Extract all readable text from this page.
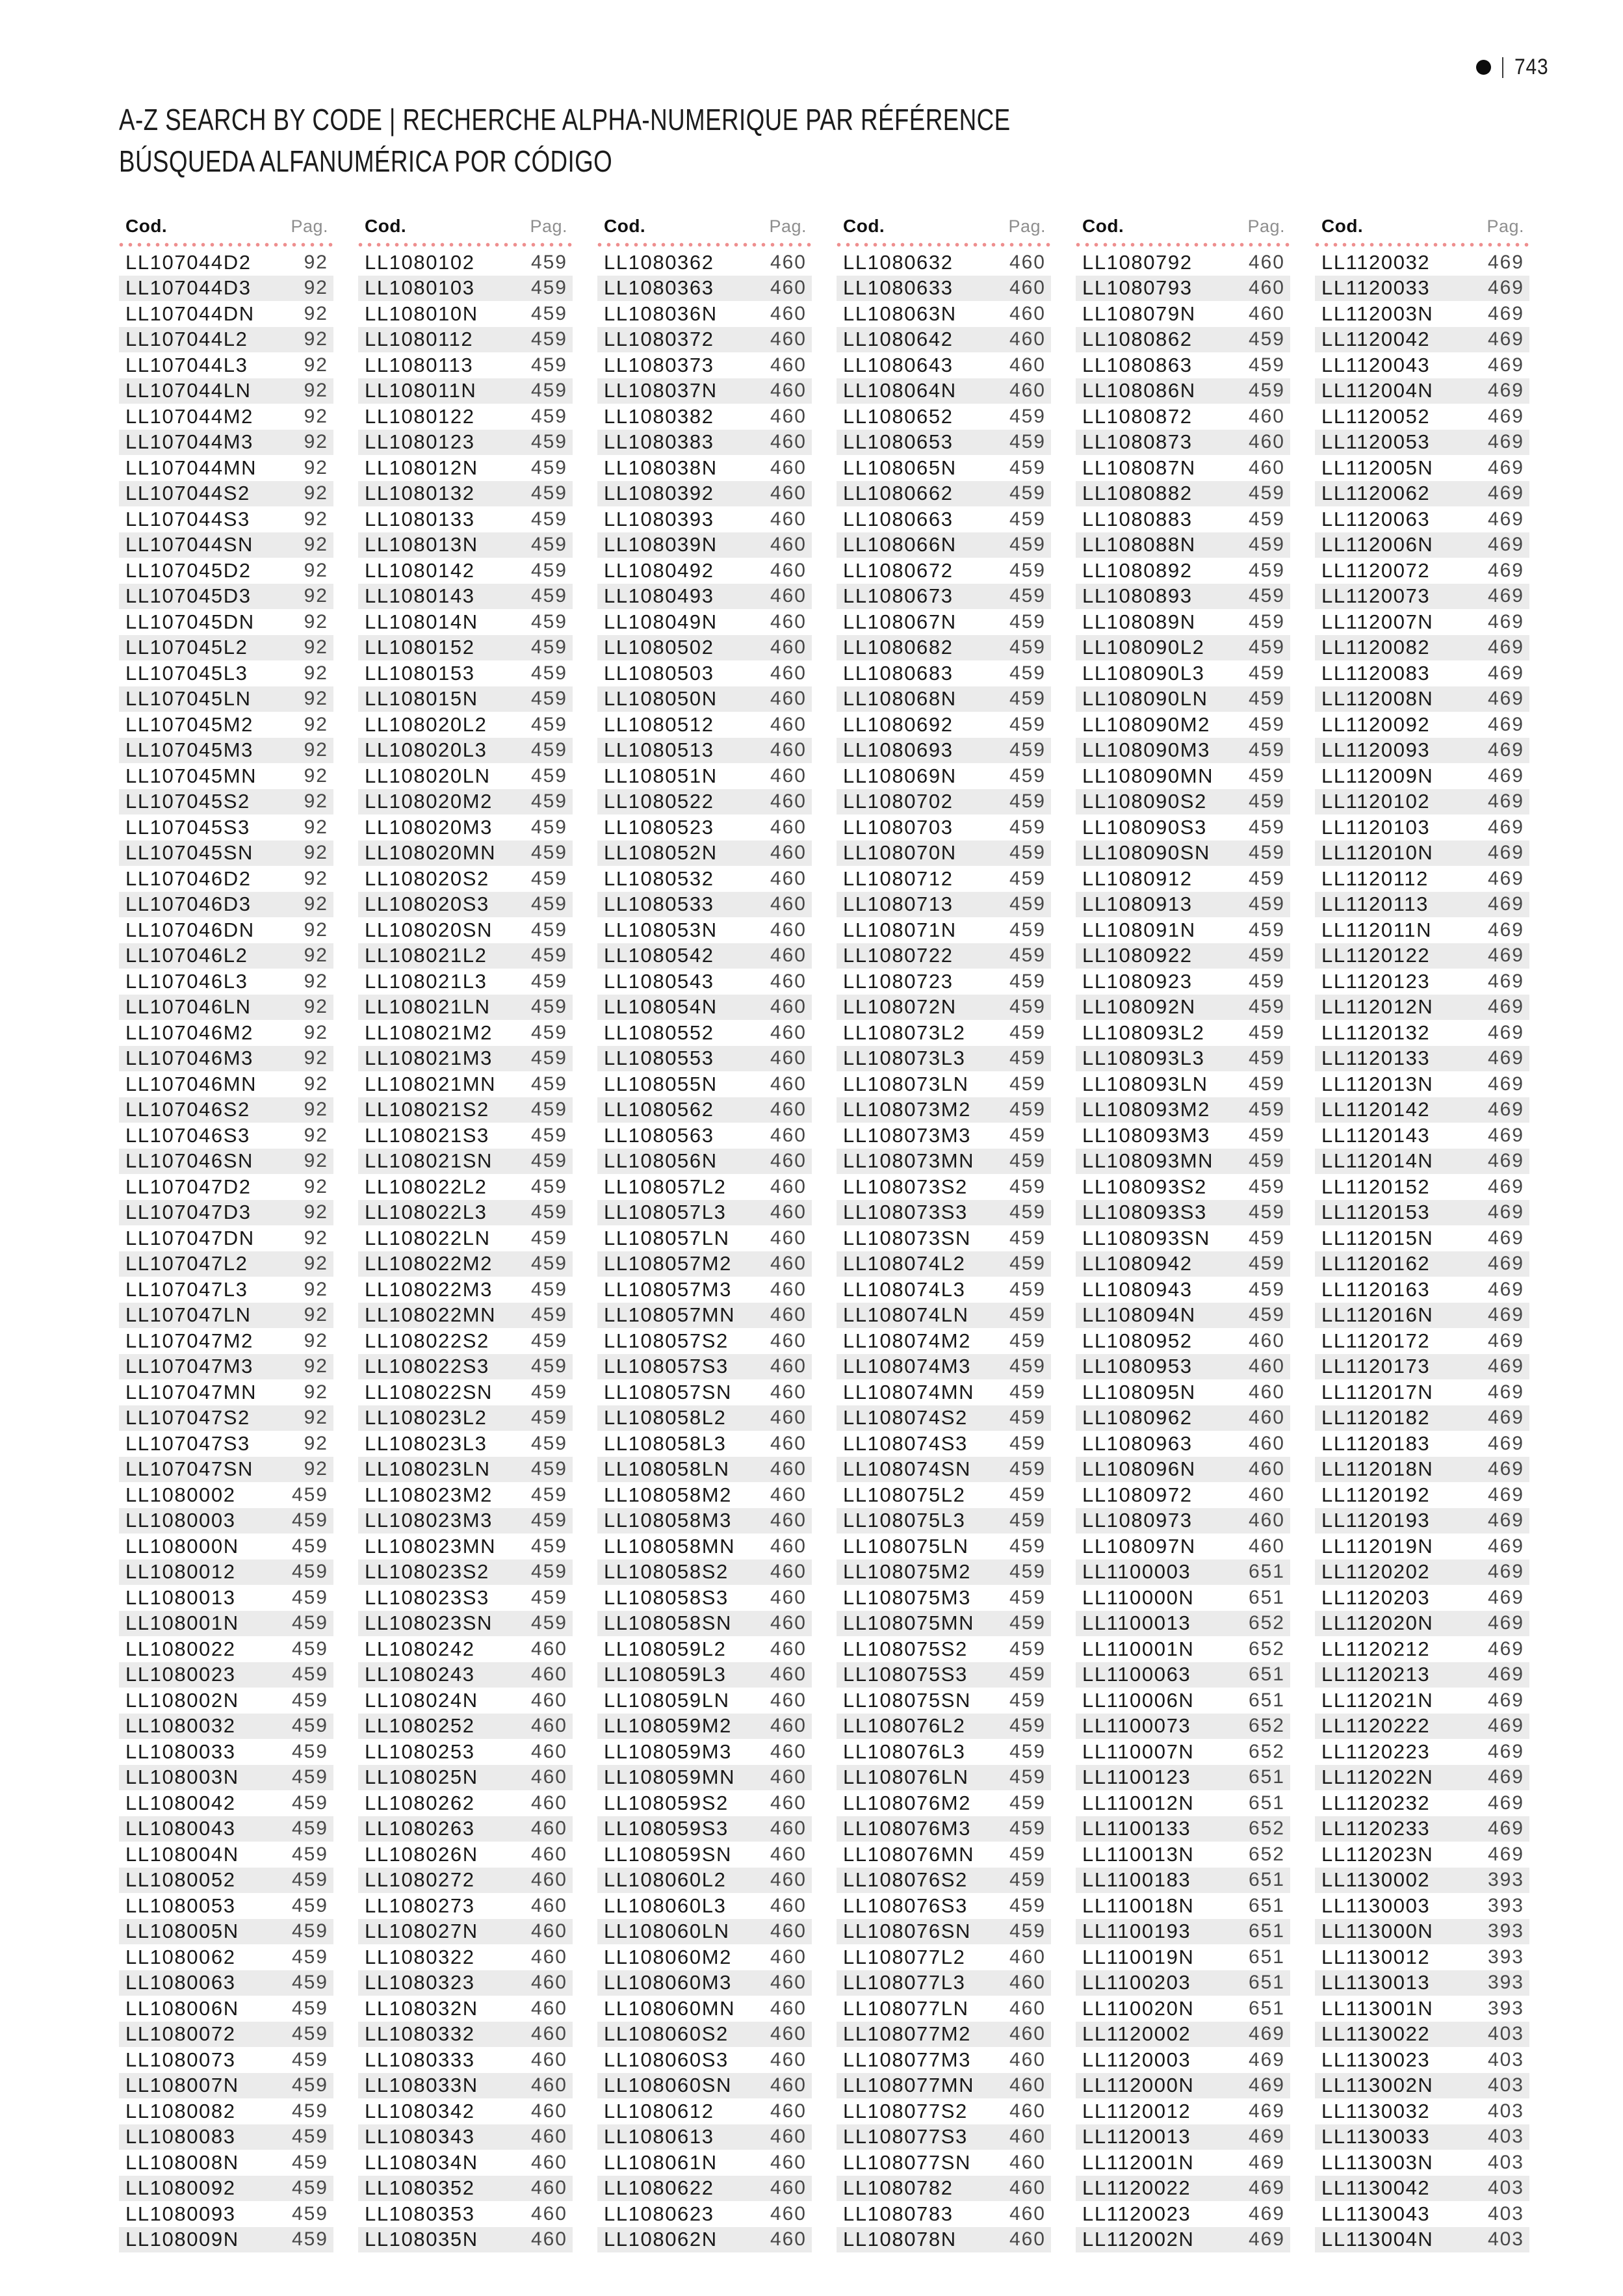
743
A-Z SEARCH BY CODE | RECHERCHE ALPHA-NUMERIQUE PAR RÉFÉRENCE
BÚSQUEDA ALFANUMÉRICA POR CÓDIGO
Cod.	Pag.
LL107044D2	92
LL107044D3	92
LL107044DN	92
LL107044L2	92
LL107044L3	92
LL107044LN	92
LL107044M2	92
LL107044M3	92
LL107044MN 92
LL107044S2	92
LL107044S3	92
LL107044SN	92
LL107045D2	92
LL107045D3	92
LL107045DN	92
LL107045L2	92
LL107045L3	92
LL107045LN	92
LL107045M2	92
LL107045M3	92
LL107045MN 92
LL107045S2	92
LL107045S3	92
LL107045SN	92
LL107046D2	92
LL107046D3	92
LL107046DN	92
LL107046L2	92
LL107046L3	92
LL107046LN	92
LL107046M2	92
LL107046M3	92
LL107046MN 92
LL107046S2	92
LL107046S3	92
LL107046SN	92
LL107047D2	92
LL107047D3	92
LL107047DN	92
LL107047L2	92
LL107047L3	92
LL107047LN	92
LL107047M2	92
LL107047M3	92
LL107047MN 92
LL107047S2	92
LL107047S3	92
LL107047SN	92
LL1080002	459
LL1080003	459
LL108000N	459
LL1080012	459
LL1080013	459
LL108001N	459
LL1080022	459
LL1080023	459
LL108002N	459
LL1080032	459
LL1080033	459
LL108003N	459
LL1080042	459
LL1080043	459
LL108004N	459
LL1080052	459
LL1080053	459
LL108005N	459
LL1080062	459
LL1080063	459
LL108006N	459
LL1080072	459
LL1080073	459
LL108007N	459
LL1080082	459
LL1080083	459
LL108008N	459
LL1080092	459
LL1080093	459
LL108009N	459
Cod.	Pag.
LL1080102	459
LL1080103	459
LL108010N	459
LL1080112	459
LL1080113	459
LL108011N	459
LL1080122	459
LL1080123	459
LL108012N	459
LL1080132	459
LL1080133	459
LL108013N	459
LL1080142	459
LL1080143	459
LL108014N	459
LL1080152	459
LL1080153	459
LL108015N	459
LL108020L2 459
LL108020L3 459
LL108020LN 459
LL108020M2 459
LL108020M3 459
LL108020MN 459
LL108020S2 459
LL108020S3 459
LL108020SN 459
LL108021L2 459
LL108021L3 459
LL108021LN 459
LL108021M2 459
LL108021M3 459
LL108021MN 459
LL108021S2 459
LL108021S3 459
LL108021SN 459
LL108022L2 459
LL108022L3 459
LL108022LN 459
LL108022M2 459
LL108022M3 459
LL108022MN 459
LL108022S2 459
LL108022S3 459
LL108022SN 459
LL108023L2 459
LL108023L3 459
LL108023LN 459
LL108023M2 459
LL108023M3 459
LL108023MN 459
LL108023S2 459
LL108023S3 459
LL108023SN 459
LL1080242	460
LL1080243	460
LL108024N	460
LL1080252	460
LL1080253	460
LL108025N	460
LL1080262	460
LL1080263	460
LL108026N	460
LL1080272	460
LL1080273	460
LL108027N	460
LL1080322	460
LL1080323	460
LL108032N	460
LL1080332	460
LL1080333	460
LL108033N	460
LL1080342	460
LL1080343	460
LL108034N	460
LL1080352	460
LL1080353	460
LL108035N	460
Cod.	Pag.
LL1080362	460
LL1080363	460
LL108036N	460
LL1080372	460
LL1080373	460
LL108037N	460
LL1080382	460
LL1080383	460
LL108038N	460
LL1080392	460
LL1080393	460
LL108039N	460
LL1080492	460
LL1080493	460
LL108049N	460
LL1080502	460
LL1080503	460
LL108050N	460
LL1080512	460
LL1080513	460
LL108051N	460
LL1080522	460
LL1080523	460
LL108052N	460
LL1080532	460
LL1080533	460
LL108053N	460
LL1080542	460
LL1080543	460
LL108054N	460
LL1080552	460
LL1080553	460
LL108055N	460
LL1080562	460
LL1080563	460
LL108056N	460
LL108057L2 460
LL108057L3 460
LL108057LN 460
LL108057M2 460
LL108057M3 460
LL108057MN 460
LL108057S2 460
LL108057S3 460
LL108057SN 460
LL108058L2 460
LL108058L3 460
LL108058LN 460
LL108058M2 460
LL108058M3 460
LL108058MN 460
LL108058S2 460
LL108058S3 460
LL108058SN 460
LL108059L2 460
LL108059L3 460
LL108059LN 460
LL108059M2 460
LL108059M3 460
LL108059MN 460
LL108059S2 460
LL108059S3 460
LL108059SN 460
LL108060L2 460
LL108060L3 460
LL108060LN 460
LL108060M2 460
LL108060M3 460
LL108060MN 460
LL108060S2 460
LL108060S3 460
LL108060SN 460
LL1080612	460
LL1080613	460
LL108061N	460
LL1080622	460
LL1080623	460
LL108062N	460
Cod.	Pag.
LL1080632	460
LL1080633	460
LL108063N	460
LL1080642	460
LL1080643	460
LL108064N	460
LL1080652	459
LL1080653	459
LL108065N	459
LL1080662	459
LL1080663	459
LL108066N	459
LL1080672	459
LL1080673	459
LL108067N	459
LL1080682	459
LL1080683	459
LL108068N	459
LL1080692	459
LL1080693	459
LL108069N	459
LL1080702	459
LL1080703	459
LL108070N	459
LL1080712	459
LL1080713	459
LL108071N	459
LL1080722	459
LL1080723	459
LL108072N	459
LL108073L2 459
LL108073L3 459
LL108073LN 459
LL108073M2 459
LL108073M3 459
LL108073MN 459
LL108073S2 459
LL108073S3 459
LL108073SN 459
LL108074L2 459
LL108074L3 459
LL108074LN 459
LL108074M2 459
LL108074M3 459
LL108074MN 459
LL108074S2 459
LL108074S3 459
LL108074SN 459
LL108075L2 459
LL108075L3 459
LL108075LN 459
LL108075M2 459
LL108075M3 459
LL108075MN 459
LL108075S2 459
LL108075S3 459
LL108075SN 459
LL108076L2 459
LL108076L3 459
LL108076LN 459
LL108076M2 459
LL108076M3 459
LL108076MN 459
LL108076S2 459
LL108076S3 459
LL108076SN 459
LL108077L2 460
LL108077L3 460
LL108077LN 460
LL108077M2 460
LL108077M3 460
LL108077MN 460
LL108077S2 460
LL108077S3 460
LL108077SN 460
LL1080782	460
LL1080783	460
LL108078N	460
Cod.	Pag.
LL1080792	460
LL1080793	460
LL108079N	460
LL1080862	459
LL1080863	459
LL108086N	459
LL1080872	460
LL1080873	460
LL108087N	460
LL1080882	459
LL1080883	459
LL108088N	459
LL1080892	459
LL1080893	459
LL108089N	459
LL108090L2 459
LL108090L3 459
LL108090LN 459
LL108090M2 459
LL108090M3 459
LL108090MN 459
LL108090S2 459
LL108090S3 459
LL108090SN 459
LL1080912	459
LL1080913	459
LL108091N	459
LL1080922	459
LL1080923	459
LL108092N	459
LL108093L2 459
LL108093L3 459
LL108093LN 459
LL108093M2 459
LL108093M3 459
LL108093MN 459
LL108093S2 459
LL108093S3 459
LL108093SN 459
LL1080942	459
LL1080943	459
LL108094N	459
LL1080952	460
LL1080953	460
LL108095N	460
LL1080962	460
LL1080963	460
LL108096N	460
LL1080972	460
LL1080973	460
LL108097N	460
LL1100003	651
LL110000N	651
LL1100013	652
LL110001N	652
LL1100063	651
LL110006N	651
LL1100073	652
LL110007N	652
LL1100123	651
LL110012N	651
LL1100133	652
LL110013N	652
LL1100183	651
LL110018N	651
LL1100193	651
LL110019N	651
LL1100203	651
LL110020N	651
LL1120002	469
LL1120003	469
LL112000N	469
LL1120012	469
LL1120013	469
LL112001N	469
LL1120022	469
LL1120023	469
LL112002N	469
Cod.	Pag.
LL1120032	469
LL1120033	469
LL112003N	469
LL1120042	469
LL1120043	469
LL112004N	469
LL1120052	469
LL1120053	469
LL112005N	469
LL1120062	469
LL1120063	469
LL112006N	469
LL1120072	469
LL1120073	469
LL112007N	469
LL1120082	469
LL1120083	469
LL112008N	469
LL1120092	469
LL1120093	469
LL112009N	469
LL1120102	469
LL1120103	469
LL112010N	469
LL1120112	469
LL1120113	469
LL112011N	469
LL1120122	469
LL1120123	469
LL112012N	469
LL1120132	469
LL1120133	469
LL112013N	469
LL1120142	469
LL1120143	469
LL112014N	469
LL1120152	469
LL1120153	469
LL112015N	469
LL1120162	469
LL1120163	469
LL112016N	469
LL1120172	469
LL1120173	469
LL112017N	469
LL1120182	469
LL1120183	469
LL112018N	469
LL1120192	469
LL1120193	469
LL112019N	469
LL1120202	469
LL1120203	469
LL112020N	469
LL1120212	469
LL1120213	469
LL112021N	469
LL1120222	469
LL1120223	469
LL112022N	469
LL1120232	469
LL1120233	469
LL112023N	469
LL1130002	393
LL1130003	393
LL113000N	393
LL1130012	393
LL1130013	393
LL113001N	393
LL1130022	403
LL1130023	403
LL113002N	403
LL1130032	403
LL1130033	403
LL113003N	403
LL1130042	403
LL1130043	403
LL113004N	403
